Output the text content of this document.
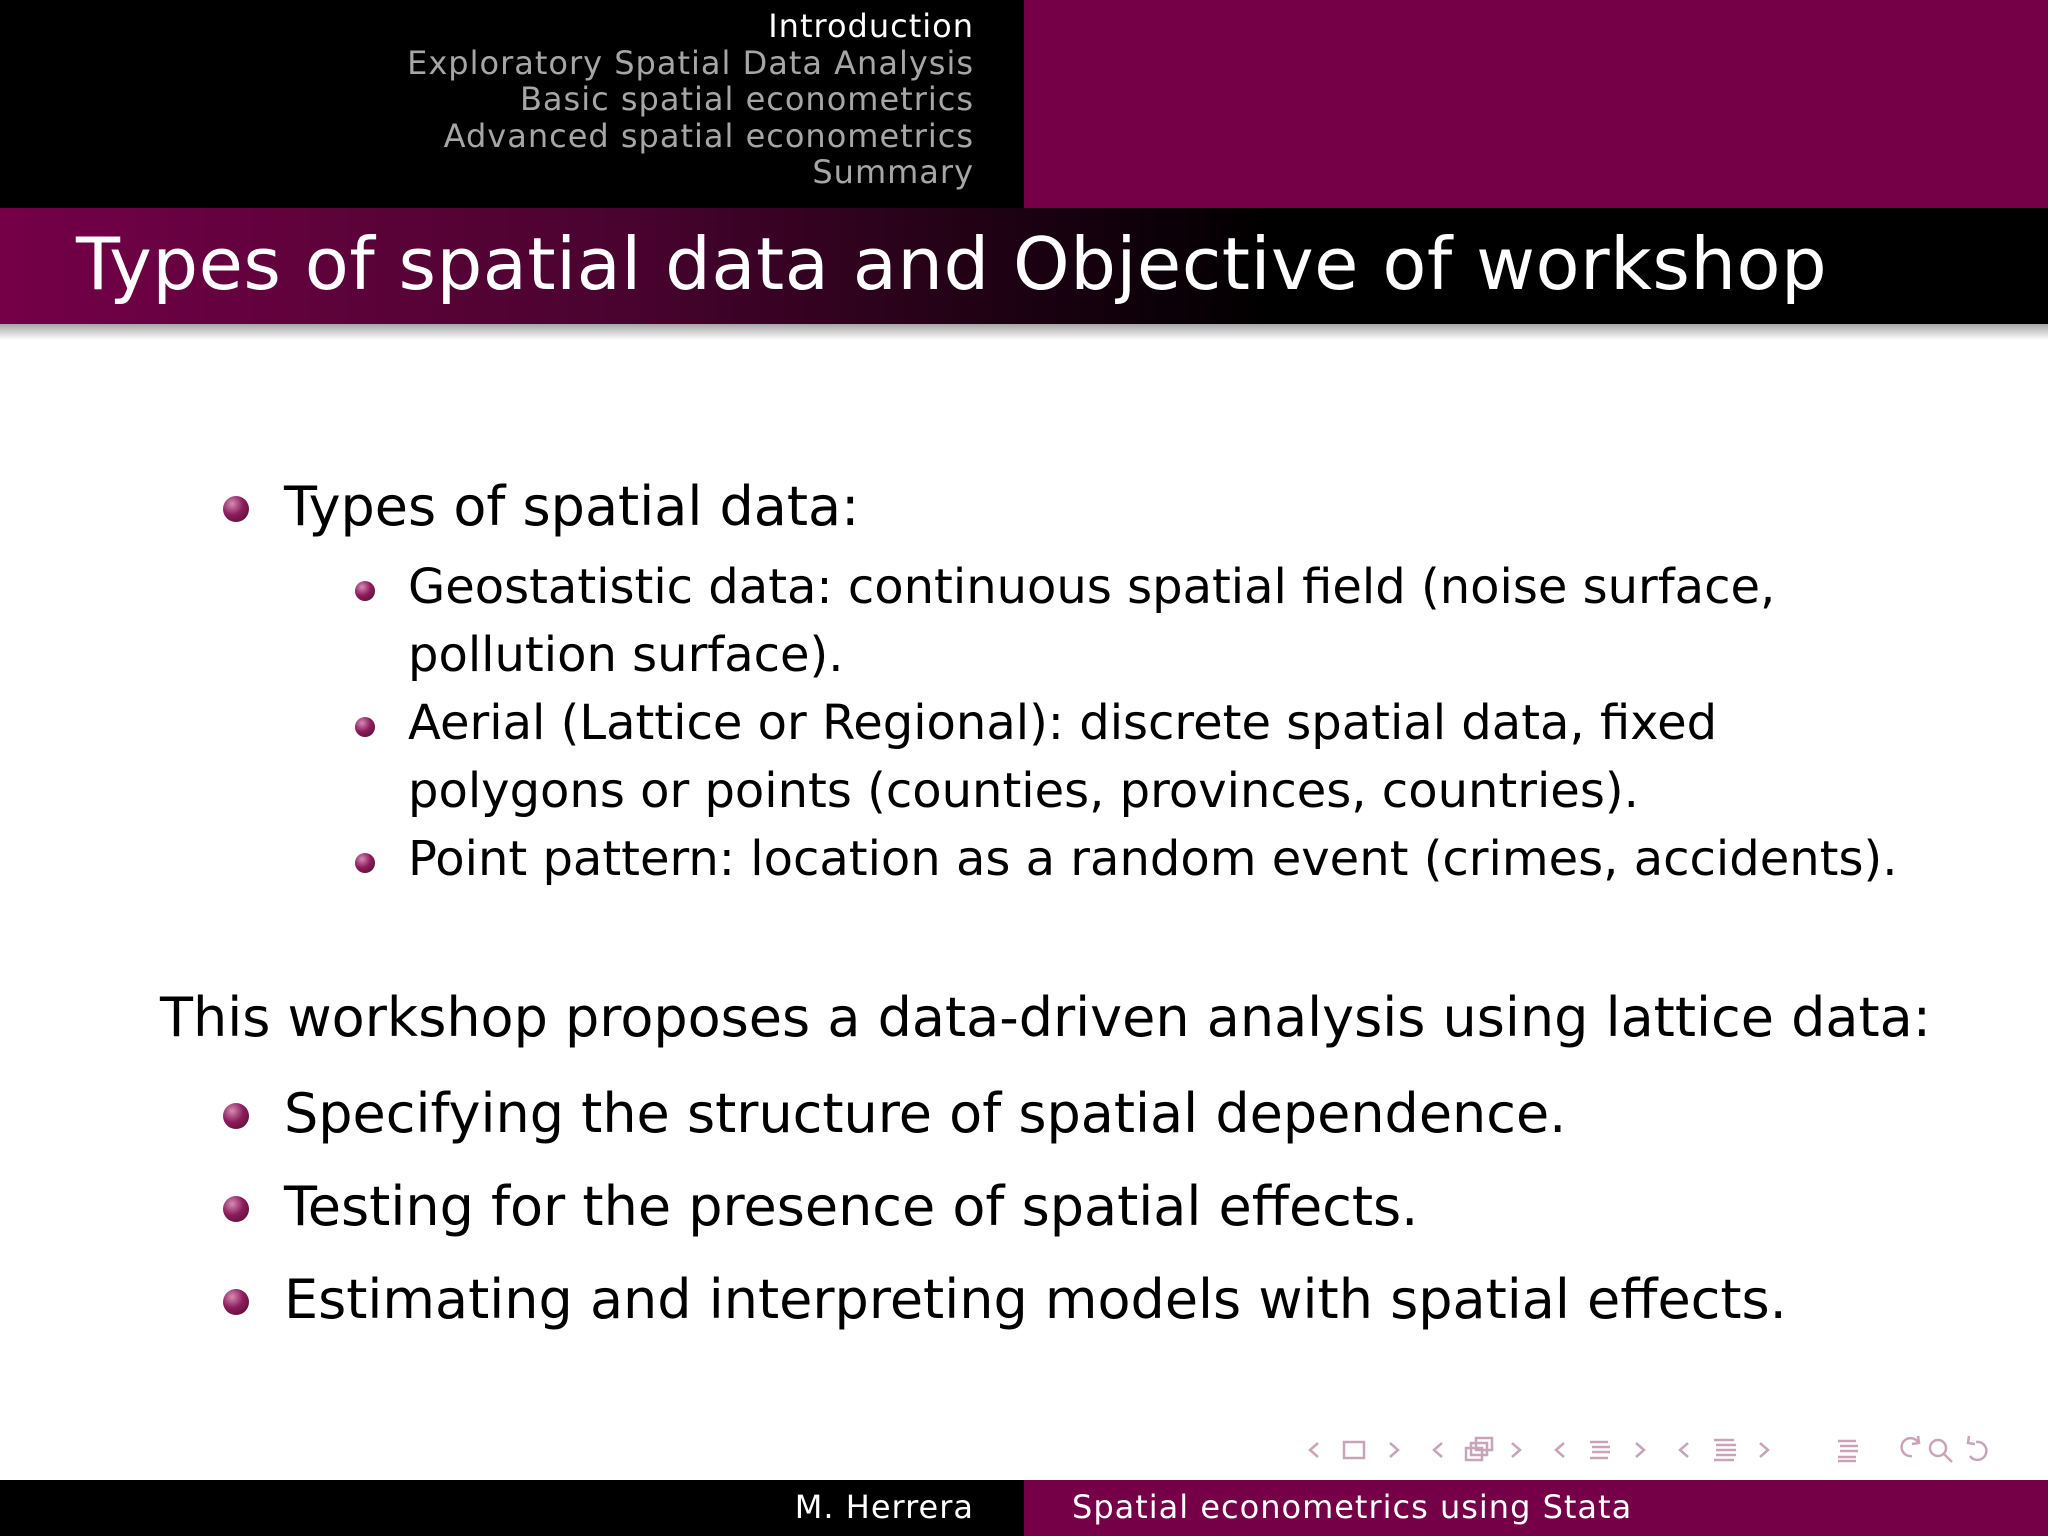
Introduction
Exploratory Spatial Data Analysis
Basic spatial econometrics
Advanced spatial econometrics
Summary
Types of spatial data and Objective of workshop

Types of spatial data:

Geostatistic data: continuous spatial field (noise surface,

pollution surface).

Aerial (Lattice or Regional): discrete spatial data, fixed

polygons or points (counties, provinces, countries).

Point pattern: location as a random event (crimes, accidents).

This workshop proposes a data-driven analysis using lattice data:

Specifying the structure of spatial dependence.

Testing for the presence of spatial effects.

Estimating and interpreting models with spatial effects.

M. Herrera	Spatial econometrics using Stata
